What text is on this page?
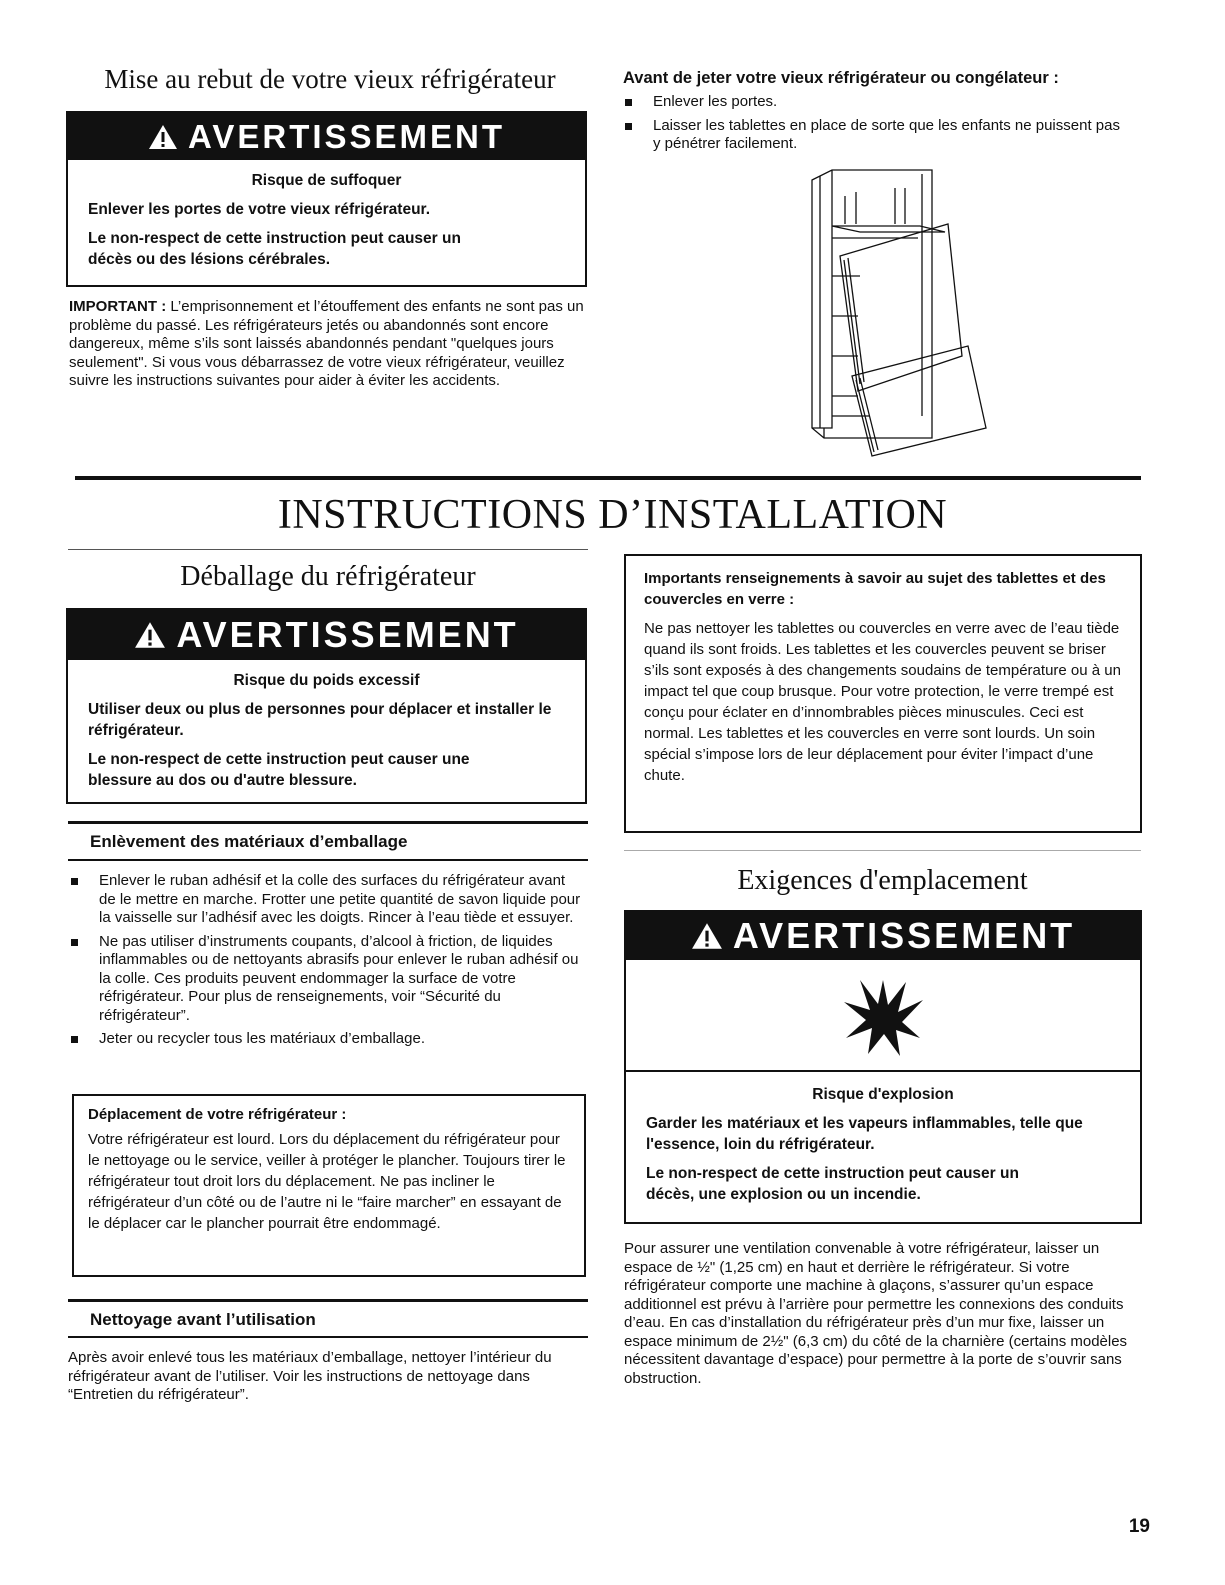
Mise au rebut de votre vieux réfrigérateur
AVERTISSEMENT

Risque de suffoquer

Enlever les portes de votre vieux réfrigérateur.

Le non-respect de cette instruction peut causer un décès ou des lésions cérébrales.

IMPORTANT : L’emprisonnement et l’étouffement des enfants ne sont pas un problème du passé. Les réfrigérateurs jetés ou abandonnés sont encore dangereux, même s’ils sont laissés abandonnés pendant "quelques jours seulement". Si vous vous débarrassez de votre vieux réfrigérateur, veuillez suivre les instructions suivantes pour aider à éviter les accidents.

Avant de jeter votre vieux réfrigérateur ou congélateur :
Enlever les portes.
Laisser les tablettes en place de sorte que les enfants ne puissent pas y pénétrer facilement.
INSTRUCTIONS D’INSTALLATION
Déballage du réfrigérateur
AVERTISSEMENT

Risque du poids excessif

Utiliser deux ou plus de personnes pour déplacer et installer le réfrigérateur.

Le non-respect de cette instruction peut causer une blessure au dos ou d'autre blessure.

Enlèvement des matériaux d’emballage
Enlever le ruban adhésif et la colle des surfaces du réfrigérateur avant de le mettre en marche. Frotter une petite quantité de savon liquide pour la vaisselle sur l’adhésif avec les doigts. Rincer à l’eau tiède et essuyer.
Ne pas utiliser d’instruments coupants, d’alcool à friction, de liquides inflammables ou de nettoyants abrasifs pour enlever le ruban adhésif ou la colle. Ces produits peuvent endommager la surface de votre réfrigérateur. Pour plus de renseignements, voir “Sécurité du réfrigérateur”.
Jeter ou recycler tous les matériaux d’emballage.
Déplacement de votre réfrigérateur :

Votre réfrigérateur est lourd. Lors du déplacement du réfrigérateur pour le nettoyage ou le service, veiller à protéger le plancher. Toujours tirer le réfrigérateur tout droit lors du déplacement. Ne pas incliner le réfrigérateur d’un côté ou de l’autre ni le “faire marcher” en essayant de le déplacer car le plancher pourrait être endommagé.

Nettoyage avant l’utilisation

Après avoir enlevé tous les matériaux d’emballage, nettoyer l’intérieur du réfrigérateur avant de l’utiliser. Voir les instructions de nettoyage dans “Entretien du réfrigérateur”.

Importants renseignements à savoir au sujet des tablettes et des couvercles en verre :

Ne pas nettoyer les tablettes ou couvercles en verre avec de l’eau tiède quand ils sont froids. Les tablettes et les couvercles peuvent se briser s’ils sont exposés à des changements soudains de température ou à un impact tel que coup brusque. Pour votre protection, le verre trempé est conçu pour éclater en d’innombrables pièces minuscules. Ceci est normal. Les tablettes et les couvercles en verre sont lourds. Un soin spécial s’impose lors de leur déplacement pour éviter l’impact d’une chute.

Exigences d'emplacement
AVERTISSEMENT

Risque d'explosion

Garder les matériaux et les vapeurs inflammables, telle que l'essence, loin du réfrigérateur.

Le non-respect de cette instruction peut causer un décès, une explosion ou un incendie.

Pour assurer une ventilation convenable à votre réfrigérateur, laisser un espace de ½" (1,25 cm) en haut et derrière le réfrigérateur. Si votre réfrigérateur comporte une machine à glaçons, s’assurer qu’un espace additionnel est prévu à l’arrière pour permettre les connexions des conduits d’eau. En cas d’installation du réfrigérateur près d’un mur fixe, laisser un espace minimum de 2½" (6,3 cm) du côté de la charnière (certains modèles nécessitent davantage d’espace) pour permettre à la porte de s’ouvrir sans obstruction.

19
